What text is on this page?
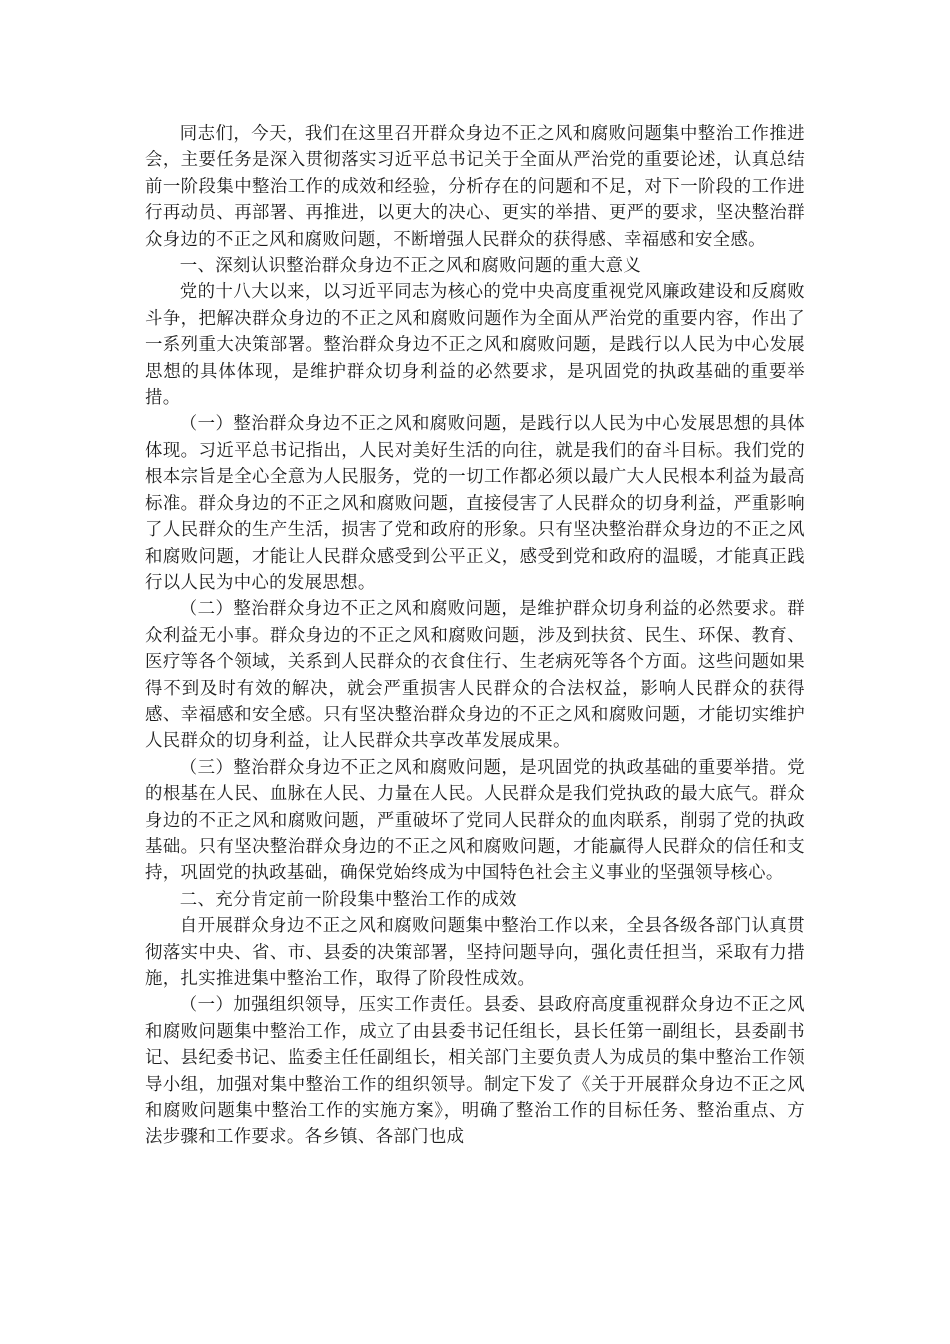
同志们，今天，我们在这里召开群众身边不正之风和腐败问题集中整治工作推进会，主要任务是深入贯彻落实习近平总书记关于全面从严治党的重要论述，认真总结前一阶段集中整治工作的成效和经验，分析存在的问题和不足，对下一阶段的工作进行再动员、再部署、再推进，以更大的决心、更实的举措、更严的要求，坚决整治群众身边的不正之风和腐败问题，不断增强人民群众的获得感、幸福感和安全感。

一、深刻认识整治群众身边不正之风和腐败问题的重大意义

党的十八大以来，以习近平同志为核心的党中央高度重视党风廉政建设和反腐败斗争，把解决群众身边的不正之风和腐败问题作为全面从严治党的重要内容，作出了一系列重大决策部署。整治群众身边不正之风和腐败问题，是践行以人民为中心发展思想的具体体现，是维护群众切身利益的必然要求，是巩固党的执政基础的重要举措。

（一）整治群众身边不正之风和腐败问题，是践行以人民为中心发展思想的具体体现。习近平总书记指出，人民对美好生活的向往，就是我们的奋斗目标。我们党的根本宗旨是全心全意为人民服务，党的一切工作都必须以最广大人民根本利益为最高标准。群众身边的不正之风和腐败问题，直接侵害了人民群众的切身利益，严重影响了人民群众的生产生活，损害了党和政府的形象。只有坚决整治群众身边的不正之风和腐败问题，才能让人民群众感受到公平正义，感受到党和政府的温暖，才能真正践行以人民为中心的发展思想。

（二）整治群众身边不正之风和腐败问题，是维护群众切身利益的必然要求。群众利益无小事。群众身边的不正之风和腐败问题，涉及到扶贫、民生、环保、教育、医疗等各个领域，关系到人民群众的衣食住行、生老病死等各个方面。这些问题如果得不到及时有效的解决，就会严重损害人民群众的合法权益，影响人民群众的获得感、幸福感和安全感。只有坚决整治群众身边的不正之风和腐败问题，才能切实维护人民群众的切身利益，让人民群众共享改革发展成果。

（三）整治群众身边不正之风和腐败问题，是巩固党的执政基础的重要举措。党的根基在人民、血脉在人民、力量在人民。人民群众是我们党执政的最大底气。群众身边的不正之风和腐败问题，严重破坏了党同人民群众的血肉联系，削弱了党的执政基础。只有坚决整治群众身边的不正之风和腐败问题，才能赢得人民群众的信任和支持，巩固党的执政基础，确保党始终成为中国特色社会主义事业的坚强领导核心。

二、充分肯定前一阶段集中整治工作的成效

自开展群众身边不正之风和腐败问题集中整治工作以来，全县各级各部门认真贯彻落实中央、省、市、县委的决策部署，坚持问题导向，强化责任担当，采取有力措施，扎实推进集中整治工作，取得了阶段性成效。

（一）加强组织领导，压实工作责任。县委、县政府高度重视群众身边不正之风和腐败问题集中整治工作，成立了由县委书记任组长，县长任第一副组长，县委副书记、县纪委书记、监委主任任副组长，相关部门主要负责人为成员的集中整治工作领导小组，加强对集中整治工作的组织领导。制定下发了《关于开展群众身边不正之风和腐败问题集中整治工作的实施方案》，明确了整治工作的目标任务、整治重点、方法步骤和工作要求。各乡镇、各部门也成
